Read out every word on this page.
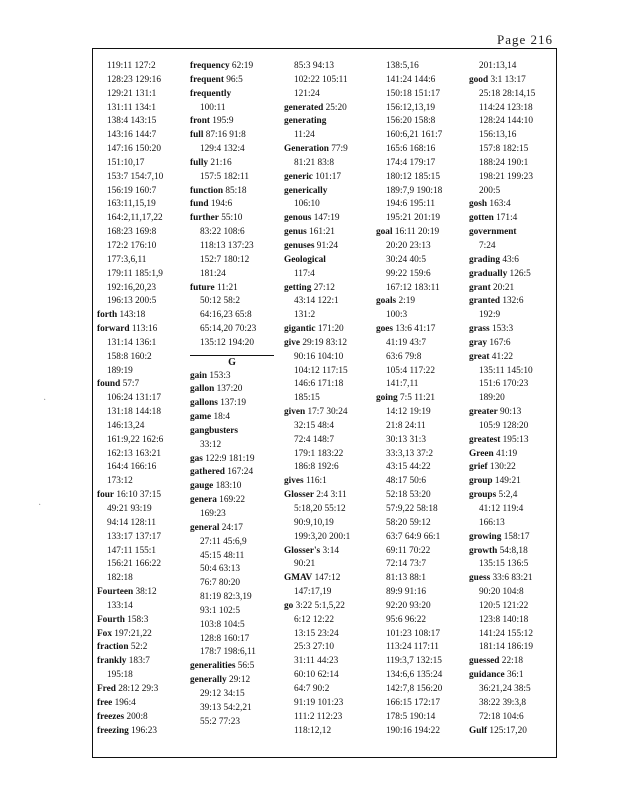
Page 216
119:11 127:2
128:23 129:16
129:21 131:1
131:11 134:1
138:4 143:15
143:16 144:7
147:16 150:20
151:10,17
153:7 154:7,10
156:19 160:7
163:11,15,19
164:2,11,17,22
168:23 169:8
172:2 176:10
177:3,6,11
179:11 185:1,9
192:16,20,23
196:13 200:5
forth 143:18
forward 113:16
131:14 136:1
158:8 160:2
189:19
found 57:7
106:24 131:17
131:18 144:18
146:13,24
161:9,22 162:6
162:13 163:21
164:4 166:16
173:12
four 16:10 37:15
49:21 93:19
94:14 128:11
133:17 137:17
147:11 155:1
156:21 166:22
182:18
Fourteen 38:12
133:14
Fourth 158:3
Fox 197:21,22
fraction 52:2
frankly 183:7
195:18
Fred 28:12 29:3
free 196:4
freezes 200:8
freezing 196:23
frequency 62:19
frequent 96:5
frequently
100:11
front 195:9
full 87:16 91:8
129:4 132:4
fully 21:16
157:5 182:11
function 85:18
fund 194:6
further 55:10
83:22 108:6
118:13 137:23
152:7 180:12
181:24
future 11:21
50:12 58:2
64:16,23 65:8
65:14,20 70:23
135:12 194:20
G
gain 153:3
gallon 137:20
gallons 137:19
game 18:4
gangbusters
33:12
gas 122:9 181:19
gathered 167:24
gauge 183:10
genera 169:22
169:23
general 24:17
27:11 45:6,9
45:15 48:11
50:4 63:13
76:7 80:20
81:19 82:3,19
93:1 102:5
103:8 104:5
128:8 160:17
178:7 198:6,11
generalities 56:5
generally 29:12
29:12 34:15
39:13 54:2,21
55:2 77:23
85:3 94:13
102:22 105:11
121:24
generated 25:20
generating
11:24
Generation 77:9
81:21 83:8
generic 101:17
generically
106:10
genous 147:19
genus 161:21
genuses 91:24
Geological
117:4
getting 27:12
43:14 122:1
131:2
gigantic 171:20
give 29:19 83:12
90:16 104:10
104:12 117:15
146:6 171:18
185:15
given 17:7 30:24
32:15 48:4
72:4 148:7
179:1 183:22
186:8 192:6
gives 116:1
Glosser 2:4 3:11
5:18,20 55:12
90:9,10,19
199:3,20 200:1
Glosser's 3:14
90:21
GMAV 147:12
147:17,19
go 3:22 5:1,5,22
6:12 12:22
13:15 23:24
25:3 27:10
31:11 44:23
60:10 62:14
64:7 90:2
91:19 101:23
111:2 112:23
118:12,12
138:5,16
141:24 144:6
150:18 151:17
156:12,13,19
156:20 158:8
160:6,21 161:7
165:6 168:16
174:4 179:17
180:12 185:15
189:7,9 190:18
194:6 195:11
195:21 201:19
goal 16:11 20:19
20:20 23:13
30:24 40:5
99:22 159:6
167:12 183:11
goals 2:19
100:3
goes 13:6 41:17
41:19 43:7
63:6 79:8
105:4 117:22
141:7,11
going 7:5 11:21
14:12 19:19
21:8 24:11
30:13 31:3
33:3,13 37:2
43:15 44:22
48:17 50:6
52:18 53:20
57:9,22 58:18
58:20 59:12
63:7 64:9 66:1
69:11 70:22
72:14 73:7
81:13 88:1
89:9 91:16
92:20 93:20
95:6 96:22
101:23 108:17
113:24 117:11
119:3,7 132:15
134:6,6 135:24
142:7,8 156:20
166:15 172:17
178:5 190:14
190:16 194:22
201:13,14
good 3:1 13:17
25:18 28:14,15
114:24 123:18
128:24 144:10
156:13,16
157:8 182:15
188:24 190:1
198:21 199:23
200:5
gosh 163:4
gotten 171:4
government
7:24
grading 43:6
gradually 126:5
grant 20:21
granted 132:6
192:9
grass 153:3
gray 167:6
great 41:22
135:11 145:10
151:6 170:23
189:20
greater 90:13
105:9 128:20
greatest 195:13
Green 41:19
grief 130:22
group 149:21
groups 5:2,4
41:12 119:4
166:13
growing 158:17
growth 54:8,18
135:15 136:5
guess 33:6 83:21
90:20 104:8
120:5 121:22
123:8 140:18
141:24 155:12
181:14 186:19
guessed 22:18
guidance 36:1
36:21,24 38:5
38:22 39:3,8
72:18 104:6
Gulf 125:17,20
·
·
